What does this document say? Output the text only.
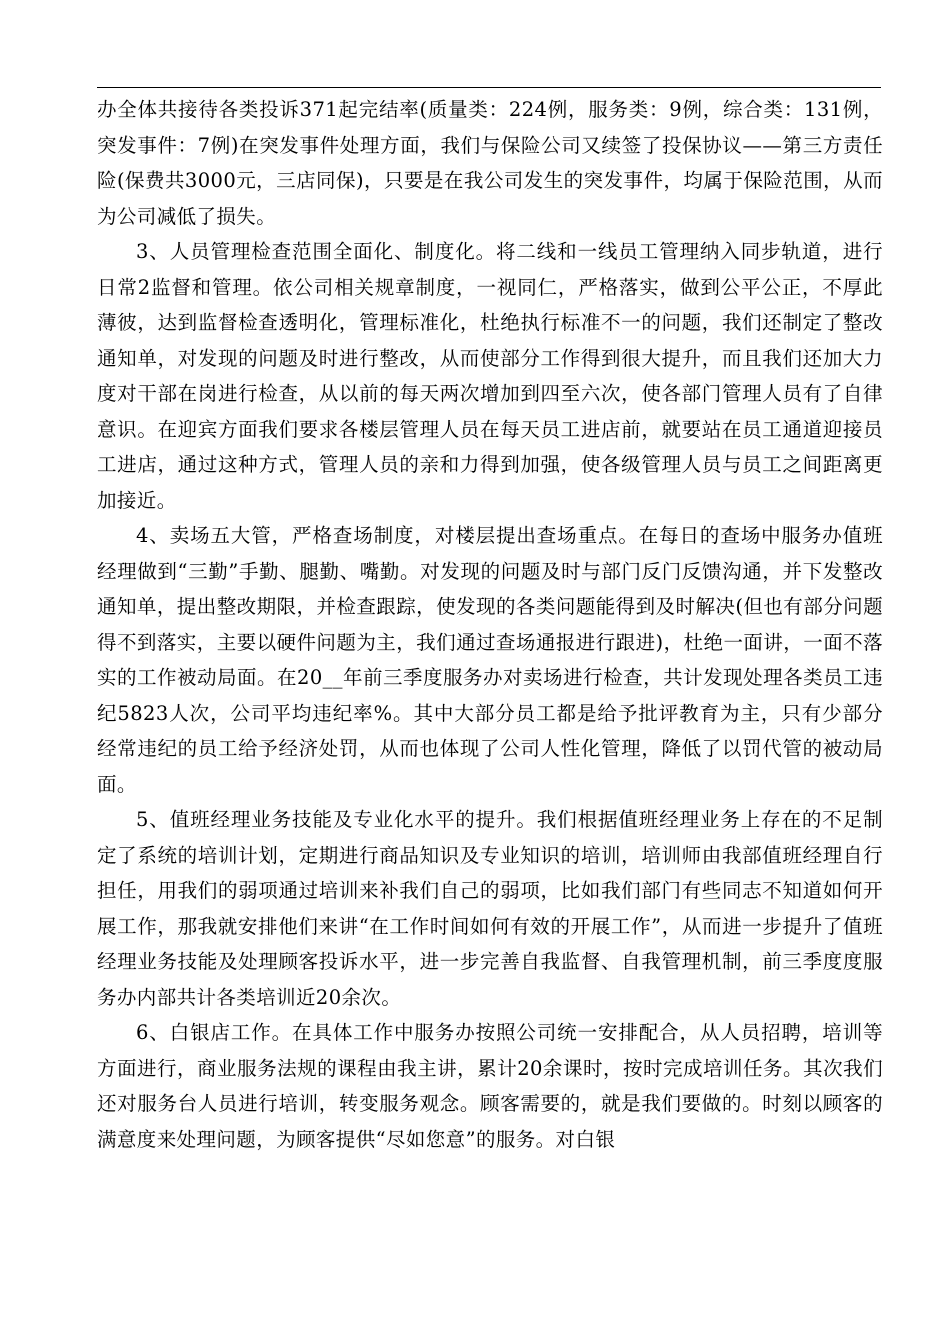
办全体共接待各类投诉371起完结率(质量类：224例，服务类：9例，综合类：131例，突发事件：7例)在突发事件处理方面，我们与保险公司又续签了投保协议——第三方责任险(保费共3000元，三店同保)，只要是在我公司发生的突发事件，均属于保险范围，从而为公司减低了损失。

3、人员管理检查范围全面化、制度化。将二线和一线员工管理纳入同步轨道，进行日常2监督和管理。依公司相关规章制度，一视同仁，严格落实，做到公平公正，不厚此薄彼，达到监督检查透明化，管理标准化，杜绝执行标准不一的问题，我们还制定了整改通知单，对发现的问题及时进行整改，从而使部分工作得到很大提升，而且我们还加大力度对干部在岗进行检查，从以前的每天两次增加到四至六次，使各部门管理人员有了自律意识。在迎宾方面我们要求各楼层管理人员在每天员工进店前，就要站在员工通道迎接员工进店，通过这种方式，管理人员的亲和力得到加强，使各级管理人员与员工之间距离更加接近。

4、卖场五大管，严格查场制度，对楼层提出查场重点。在每日的查场中服务办值班经理做到“三勤”手勤、腿勤、嘴勤。对发现的问题及时与部门反门反馈沟通，并下发整改通知单，提出整改期限，并检查跟踪，使发现的各类问题能得到及时解决(但也有部分问题得不到落实，主要以硬件问题为主，我们通过查场通报进行跟进)，杜绝一面讲，一面不落实的工作被动局面。在20__年前三季度服务办对卖场进行检查，共计发现处理各类员工违纪5823人次，公司平均违纪率%。其中大部分员工都是给予批评教育为主，只有少部分经常违纪的员工给予经济处罚，从而也体现了公司人性化管理，降低了以罚代管的被动局面。

5、值班经理业务技能及专业化水平的提升。我们根据值班经理业务上存在的不足制定了系统的培训计划，定期进行商品知识及专业知识的培训，培训师由我部值班经理自行担任，用我们的弱项通过培训来补我们自己的弱项，比如我们部门有些同志不知道如何开展工作，那我就安排他们来讲“在工作时间如何有效的开展工作”，从而进一步提升了值班经理业务技能及处理顾客投诉水平，进一步完善自我监督、自我管理机制，前三季度度服务办内部共计各类培训近20余次。

6、白银店工作。在具体工作中服务办按照公司统一安排配合，从人员招聘，培训等方面进行，商业服务法规的课程由我主讲，累计20余课时，按时完成培训任务。其次我们还对服务台人员进行培训，转变服务观念。顾客需要的，就是我们要做的。时刻以顾客的满意度来处理问题，为顾客提供“尽如您意”的服务。对白银
